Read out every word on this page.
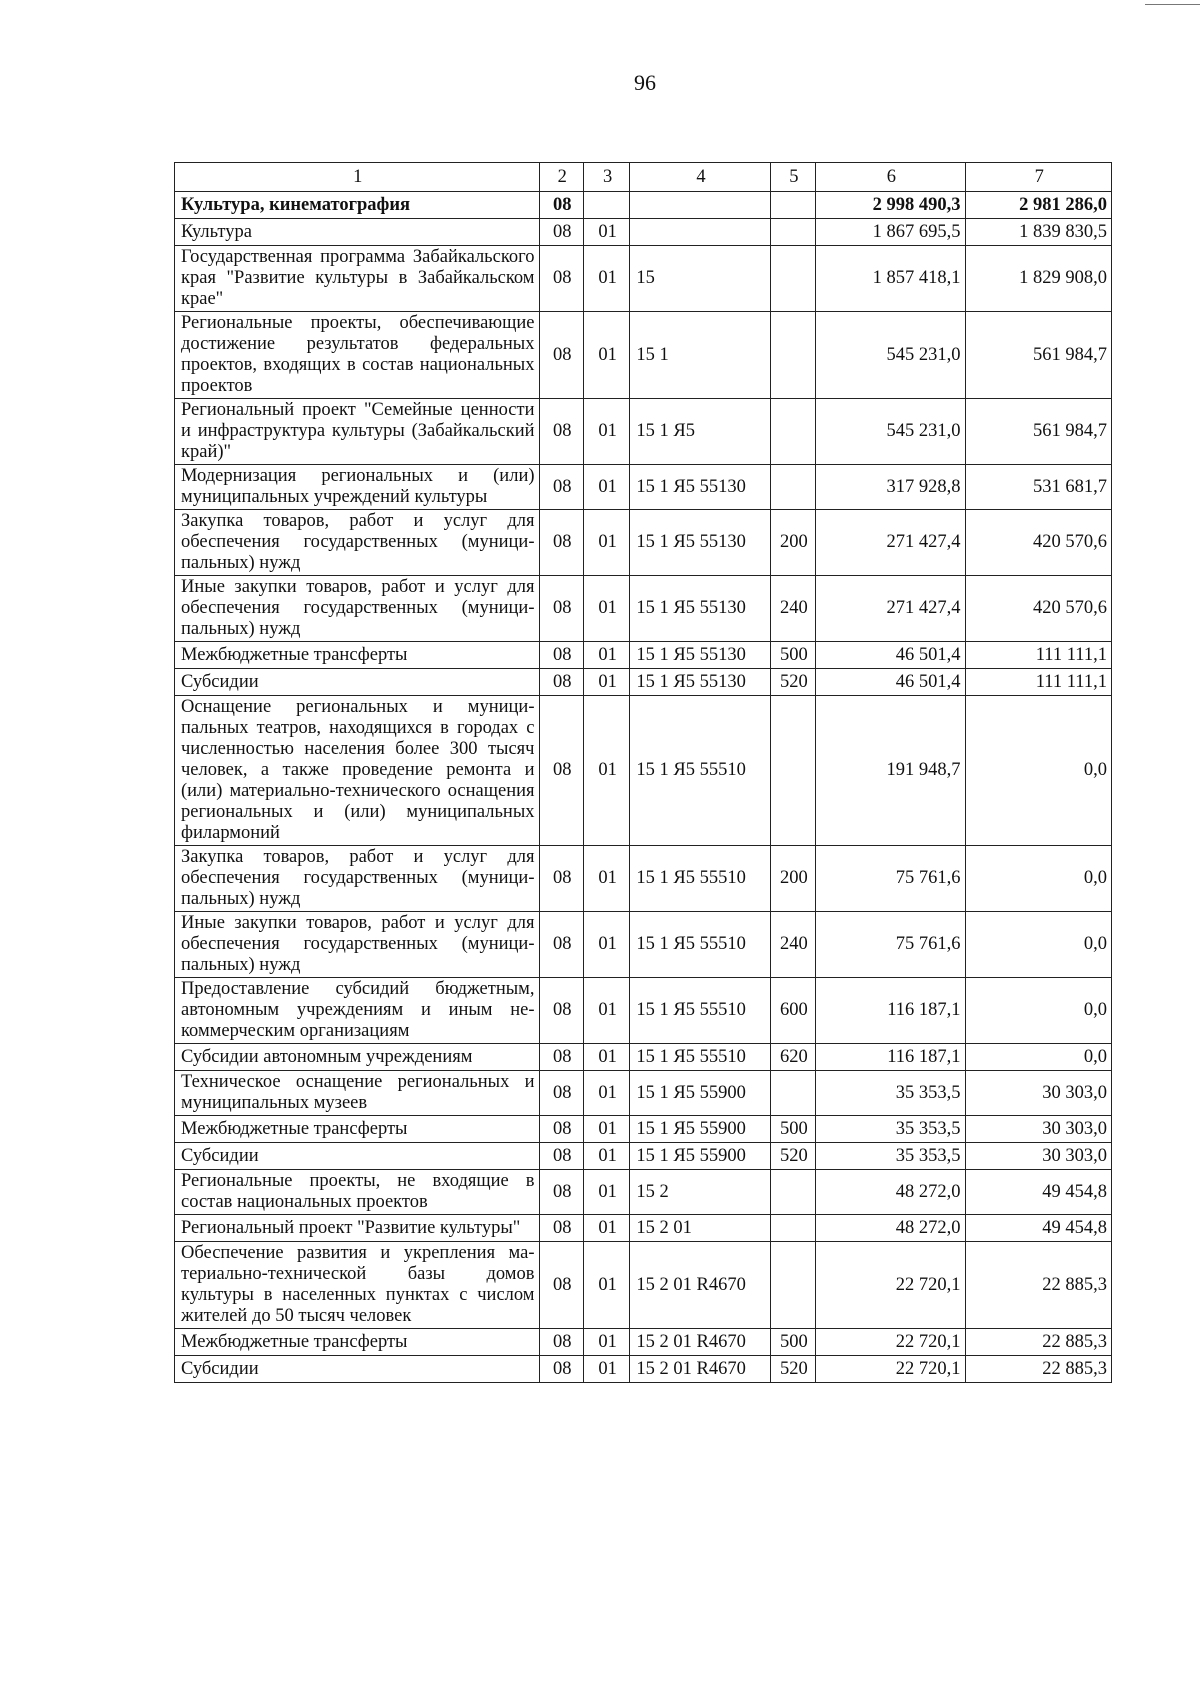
96
1	2	3	4	5	6	7
Культура, кинематография	08				2 998 490,3	2 981 286,0
Культура	08	01			1 867 695,5	1 839 830,5
Государственная программа Забайкальского края "Развитие культуры в Забайкальском крае"	08	01	15		1 857 418,1	1 829 908,0
Региональные проекты, обеспечивающие достижение результатов федеральных проектов, входящих в состав национальных проектов	08	01	15 1		545 231,0	561 984,7
Региональный проект "Семейные ценности и инфраструктура культуры (Забайкальский край)"	08	01	15 1 Я5		545 231,0	561 984,7
Модернизация региональных и (или) муниципальных учреждений культуры	08	01	15 1 Я5 55130		317 928,8	531 681,7
Закупка товаров, работ и услуг для обеспечения государственных (муниципальных) нужд	08	01	15 1 Я5 55130	200	271 427,4	420 570,6
Иные закупки товаров, работ и услуг для обеспечения государственных (муниципальных) нужд	08	01	15 1 Я5 55130	240	271 427,4	420 570,6
Межбюджетные трансферты	08	01	15 1 Я5 55130	500	46 501,4	111 111,1
Субсидии	08	01	15 1 Я5 55130	520	46 501,4	111 111,1
Оснащение региональных и муниципальных театров, находящихся в городах с численностью населения более 300 тысяч человек, а также проведение ремонта и (или) материально-технического оснащения региональных и (или) муниципальных филармоний	08	01	15 1 Я5 55510		191 948,7	0,0
Закупка товаров, работ и услуг для обеспечения государственных (муниципальных) нужд	08	01	15 1 Я5 55510	200	75 761,6	0,0
Иные закупки товаров, работ и услуг для обеспечения государственных (муниципальных) нужд	08	01	15 1 Я5 55510	240	75 761,6	0,0
Предоставление субсидий бюджетным, автономным учреждениям и иным некоммерческим организациям	08	01	15 1 Я5 55510	600	116 187,1	0,0
Субсидии автономным учреждениям	08	01	15 1 Я5 55510	620	116 187,1	0,0
Техническое оснащение региональных и муниципальных музеев	08	01	15 1 Я5 55900		35 353,5	30 303,0
Межбюджетные трансферты	08	01	15 1 Я5 55900	500	35 353,5	30 303,0
Субсидии	08	01	15 1 Я5 55900	520	35 353,5	30 303,0
Региональные проекты, не входящие в состав национальных проектов	08	01	15 2		48 272,0	49 454,8
Региональный проект "Развитие культуры"	08	01	15 2 01		48 272,0	49 454,8
Обеспечение развития и укрепления материально-технической базы домов культуры в населенных пунктах с числом жителей до 50 тысяч человек	08	01	15 2 01 R4670		22 720,1	22 885,3
Межбюджетные трансферты	08	01	15 2 01 R4670	500	22 720,1	22 885,3
Субсидии	08	01	15 2 01 R4670	520	22 720,1	22 885,3
